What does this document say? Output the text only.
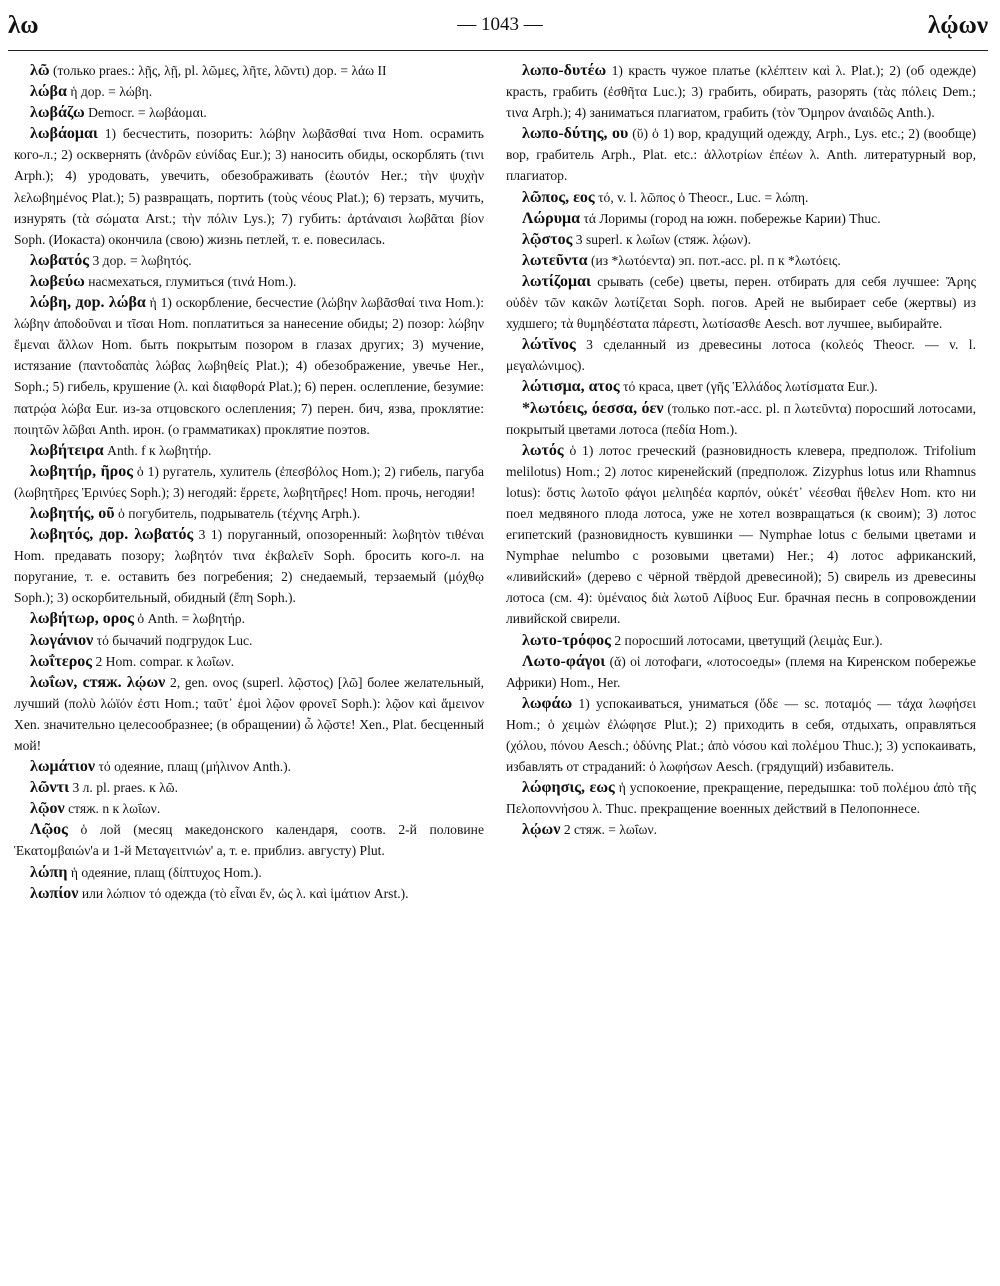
λω	— 1043 —	λῴων

λῶ (только praes.: λῇς, λῇ, pl. λῶμες, λῆτε, λῶντι) дор. = λάω II

λώβα ἡ дор. = λώβη.

λωβάζω Democr. = λωβάομαι.

λωβάομαι 1) бесчестить, позорить: λώβην λωβᾶσθαί τινα Hom. осрамить кого-л.; 2) осквернять (ἀνδρῶν εὐνίδας Eur.); 3) наносить обиды, оскорблять (τινι Arph.); 4) уродовать, увечить, обезображивать (ἑωυτόν Her.; τὴν ψυχὴν λελωβημένος Plat.); 5) развращать, портить (τοὺς νέους Plat.); 6) терзать, мучить, изнурять (τὰ σώματα Arst.; τὴν πόλιν Lys.); 7) губить: ἀρτάναισι λωβᾶται βίον Soph. (Иокаста) окончила (свою) жизнь петлей, т. е. повесилась.

λωβατός 3 дор. = λωβητός.

λωβεύω насмехаться, глумиться (τινά Hom.).

λώβη, дор. λώβα ἡ 1) оскорбление, бесчестие (λώβην λωβᾶσθαί τινα Hom.): λώβην ἀποδοῦναι и τῖσαι Hom. поплатиться за нанесение обиды; 2) позор: λώβην ἔμεναι ἄλλων Hom. быть покрытым позором в глазах других; 3) мучение, истязание (παντοδαπὰς λώβας λωβηθείς Plat.); 4) обезображение, увечье Her., Soph.; 5) гибель, крушение (λ. καὶ διαφθορά Plat.); 6) перен. ослепление, безумие: πατρῴα λώβα Eur. из-за отцовского ослепления; 7) перен. бич, язва, проклятие: ποιητῶν λῶβαι Anth. ирон. (о грамматиках) проклятие поэтов.

λωβήτειρα Anth. f к λωβητήρ.

λωβητήρ, ῆρος ὁ 1) ругатель, хулитель (ἐπεσβόλος Hom.); 2) гибель, пагуба (λωβητῆρες Ἐρινύες Soph.); 3) негодяй: ἔρρετε, λωβητῆρες! Hom. прочь, негодяи!

λωβητής, οῦ ὁ погубитель, подрыватель (τέχνης Arph.).

λωβητός, дор. λωβατός 3 1) поруганный, опозоренный: λωβητὸν τιθέναι Hom. предавать позору; λωβητόν τινα ἐκβαλεῖν Soph. бросить кого-л. на поругание, т. е. оставить без погребения; 2) снедаемый, терзаемый (μόχθῳ Soph.); 3) оскорбительный, обидный (ἔπη Soph.).

λωβήτωρ, ορος ὁ Anth. = λωβητήρ.

λωγάνιον τό бычачий подгрудок Luc.

λωΐτερος 2 Hom. compar. к λωΐων.

λωΐων, стяж. λῴων 2, gen. ονος (superl. λῷστος) [λῶ] более желательный, лучший (πολὺ λώϊόν ἐστι Hom.; ταῦτ᾽ ἐμοὶ λῷον φρονεῖ Soph.): λῷον καὶ ἄμεινον Xen. значительно целесообразнее; (в обращении) ὦ λῷστε! Xen., Plat. бесценный мой!

λωμάτιον τό одеяние, плащ (μήλινον Anth.).

λῶντι 3 л. pl. praes. к λῶ.

λῷον стяж. n к λωΐων.

Λῷος ὁ лой (месяц македонского календаря, соотв. 2-й половине Ἑκατομβαιών'а и 1-й Μεταγειτνιών' а, т. е. приблиз. августу) Plut.

λώπη ἡ одеяние, плащ (δίπτυχος Hom.).

λωπίον или λώπιον τό одежда (τὸ εἶναι ἕν, ὡς λ. καὶ ἱμάτιον Arst.).

λωπο-δυτέω 1) красть чужое платье (κλέπτειν καὶ λ. Plat.); 2) (об одежде) красть, грабить (ἐσθῆτα Luc.); 3) грабить, обирать, разорять (τὰς πόλεις Dem.; τινα Arph.); 4) заниматься плагиатом, грабить (τὸν Ὅμηρον ἀναιδῶς Anth.).

λωπο-δύτης, ου (ῠ) ὁ 1) вор, крадущий одежду, Arph., Lys. etc.; 2) (вообще) вор, грабитель Arph., Plat. etc.: ἀλλοτρίων ἐπέων λ. Anth. литературный вор, плагиатор.

λῶπος, εος τό, v. l. λῶπος ὁ Theocr., Luc. = λώπη.

Λώρυμα τά Лоримы (город на южн. побережье Карии) Thuc.

λῷστος 3 superl. к λωΐων (стяж. λῴων).

λωτεῦντα (из *λωτόεντα) эп. пот.-асс. pl. п к *λωτόεις.

λωτίζομαι срывать (себе) цветы, перен. отбирать для себя лучшее: Ἄρης οὐδὲν τῶν κακῶν λωτίζεται Soph. погов. Арей не выбирает себе (жертвы) из худшего; τὰ θυμηδέστατα πάρεστι, λωτίσασθε Aesch. вот лучшее, выбирайте.

λώτῐνος 3 сделанный из древесины лотоса (κολεός Theocr. — v. l. μεγαλώνιμος).

λώτισμα, ατος τό краса, цвет (γῆς Ἑλλάδος λωτίσματα Eur.).

*λωτόεις, όεσσα, όεν (только пот.-асс. pl. п λωτεῦντα) поросший лотосами, покрытый цветами лотоса (πεδία Hom.).

λωτός ὁ 1) лотос греческий (разновидность клевера, предполож. Trifolium melilotus) Hom.; 2) лотос киренейский (предполож. Zizyphus lotus или Rhamnus lotus): ὅστις λωτοῖο φάγοι μελιηδέα καρπόν, οὐκέτ᾽ νέεσθαι ἤθελεν Hom. кто ни поел медвяного плода лотоса, уже не хотел возвращаться (к своим); 3) лотос египетский (разновидность кувшинки — Nymphae lotus с белыми цветами и Nymphae nelumbo с розовыми цветами) Her.; 4) лотос африканский, «ливийский» (дерево с чёрной твёрдой древесиной); 5) свирель из древесины лотоса (см. 4): ὑμέναιος διὰ λωτοῦ Λίβυος Eur. брачная песнь в сопровождении ливийской свирели.

λωτο-τρόφος 2 поросший лотосами, цветущий (λειμὰς Eur.).

Λωτο-φάγοι (ᾰ) οἱ лотофаги, «лотосоеды» (племя на Киренском побережье Африки) Hom., Her.

λωφάω 1) успокаиваться, униматься (ὅδε — sc. ποταμός — τάχα λωφήσει Hom.; ὁ χειμὼν ἐλώφησε Plut.); 2) приходить в себя, отдыхать, оправляться (χόλου, πόνου Aesch.; ὀδύνης Plat.; ἀπὸ νόσου καὶ πολέμου Thuc.); 3) успокаивать, избавлять от страданий: ὁ λωφήσων Aesch. (грядущий) избавитель.

λώφησις, εως ἡ успокоение, прекращение, передышка: τοῦ πολέμου ἀπὸ τῆς Πελοποννήσου λ. Thuc. прекращение военных действий в Пелопоннесе.

λῴων 2 стяж. = λωΐων.
